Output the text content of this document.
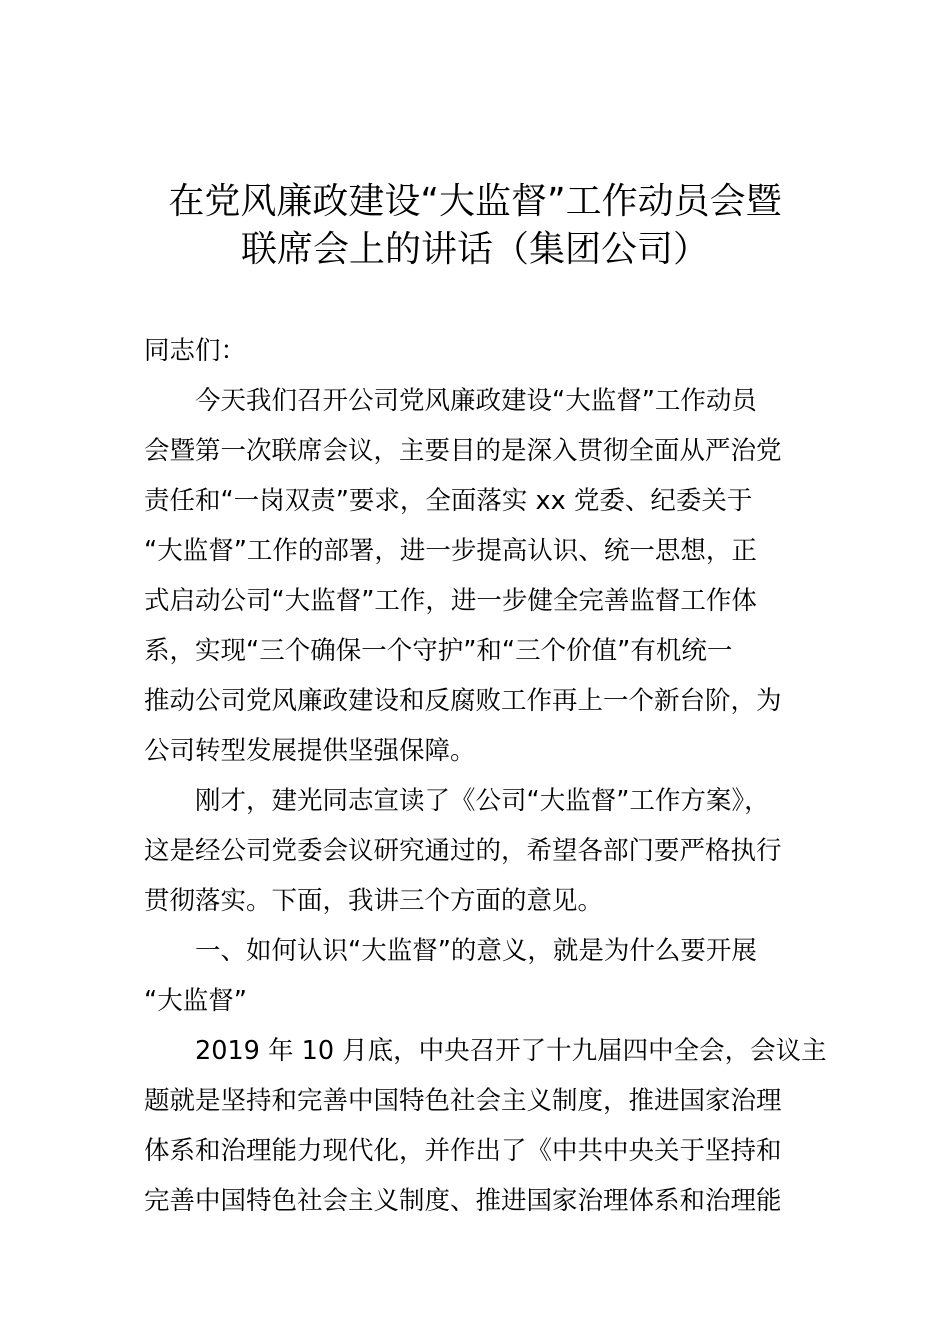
在党风廉政建设“大监督”工作动员会暨
联席会上的讲话（集团公司）
同志们：
今天我们召开公司党风廉政建设“大监督”工作动员
会暨第一次联席会议，主要目的是深入贯彻全面从严治党
责任和“一岗双责”要求，全面落实 xx 党委、纪委关于
“大监督”工作的部署，进一步提高认识、统一思想，正
式启动公司“大监督”工作，进一步健全完善监督工作体
系，实现“三个确保一个守护”和“三个价值”有机统一
推动公司党风廉政建设和反腐败工作再上一个新台阶，为
公司转型发展提供坚强保障。
刚才，建光同志宣读了《公司“大监督”工作方案》，
这是经公司党委会议研究通过的，希望各部门要严格执行
贯彻落实。下面，我讲三个方面的意见。
一、如何认识“大监督”的意义，就是为什么要开展
“大监督”
2019 年 10 月底，中央召开了十九届四中全会，会议主
题就是坚持和完善中国特色社会主义制度，推进国家治理
体系和治理能力现代化，并作出了《中共中央关于坚持和
完善中国特色社会主义制度、推进国家治理体系和治理能
